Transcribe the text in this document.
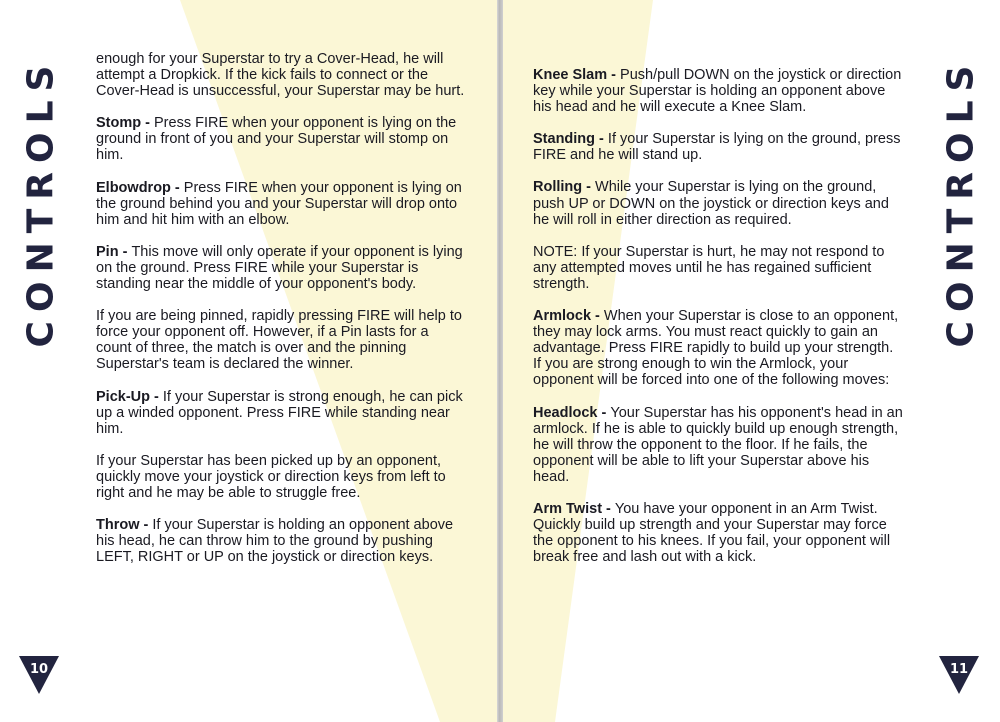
CONTROLS enough for your Superstar to try a Cover-Head, he will attempt a Dropkick. If the kick fails to connect or the Cover-Head is unsuccessful, your Superstar may be hurt.

Stomp - Press FIRE when your opponent is lying on the ground in front of you and your Superstar will stomp on him.

Elbowdrop - Press FIRE when your opponent is lying on the ground behind you and your Superstar will drop onto him and hit him with an elbow.

Pin - This move will only operate if your opponent is lying on the ground. Press FIRE while your Superstar is standing near the middle of your opponent's body.

If you are being pinned, rapidly pressing FIRE will help to force your opponent off. However, if a Pin lasts for a count of three, the match is over and the pinning Superstar's team is declared the winner.

Pick-Up - If your Superstar is strong enough, he can pick up a winded opponent. Press FIRE while standing near him.

If your Superstar has been picked up by an opponent, quickly move your joystick or direction keys from left to right and he may be able to struggle free.

Throw - If your Superstar is holding an opponent above his head, he can throw him to the ground by pushing LEFT, RIGHT or UP on the joystick or direction keys.

10
CONTROLS

Knee Slam - Push/pull DOWN on the joystick or direction key while your Superstar is holding an opponent above his head and he will execute a Knee Slam.

Standing - If your Superstar is lying on the ground, press FIRE and he will stand up.

Rolling - While your Superstar is lying on the ground, push UP or DOWN on the joystick or direction keys and he will roll in either direction as required.

NOTE: If your Superstar is hurt, he may not respond to any attempted moves until he has regained sufficient strength.

Armlock - When your Superstar is close to an opponent, they may lock arms. You must react quickly to gain an advantage. Press FIRE rapidly to build up your strength. If you are strong enough to win the Armlock, your opponent will be forced into one of the following moves:

Headlock - Your Superstar has his opponent's head in an armlock. If he is able to quickly build up enough strength, he will throw the opponent to the floor. If he fails, the opponent will be able to lift your Superstar above his head.

Arm Twist - You have your opponent in an Arm Twist. Quickly build up strength and your Superstar may force the opponent to his knees. If you fail, your opponent will break free and lash out with a kick.

11
